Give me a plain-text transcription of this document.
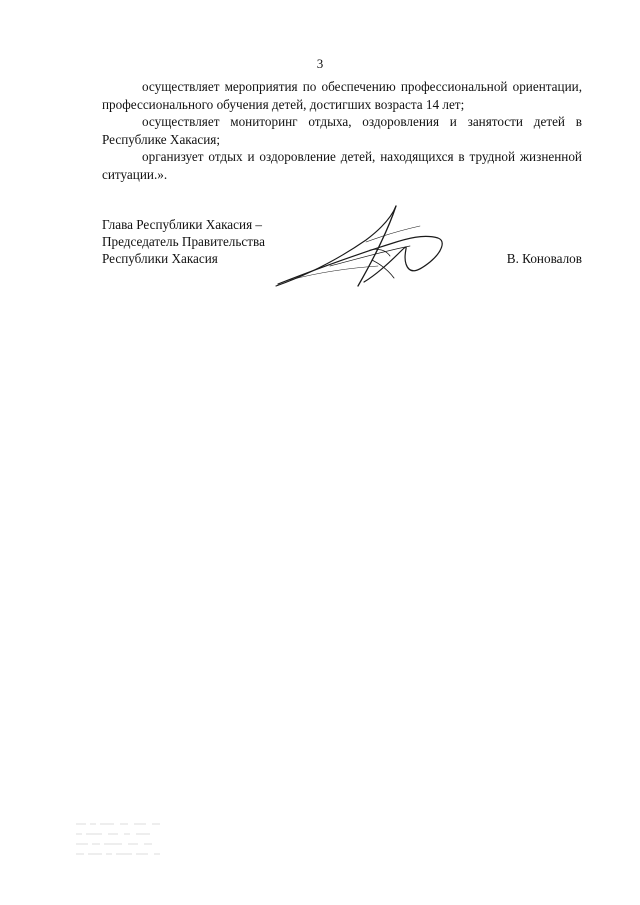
3

осуществляет мероприятия по обеспечению профессиональной ориентации, профессионального обучения детей, достигших возраста 14 лет;

осуществляет мониторинг отдыха, оздоровления и занятости детей в Республике Хакасия;

организует отдых и оздоровление детей, находящихся в трудной жизненной ситуации.».

Глава Республики Хакасия –
Председатель Правительства
Республики Хакасия	В. Коновалов
